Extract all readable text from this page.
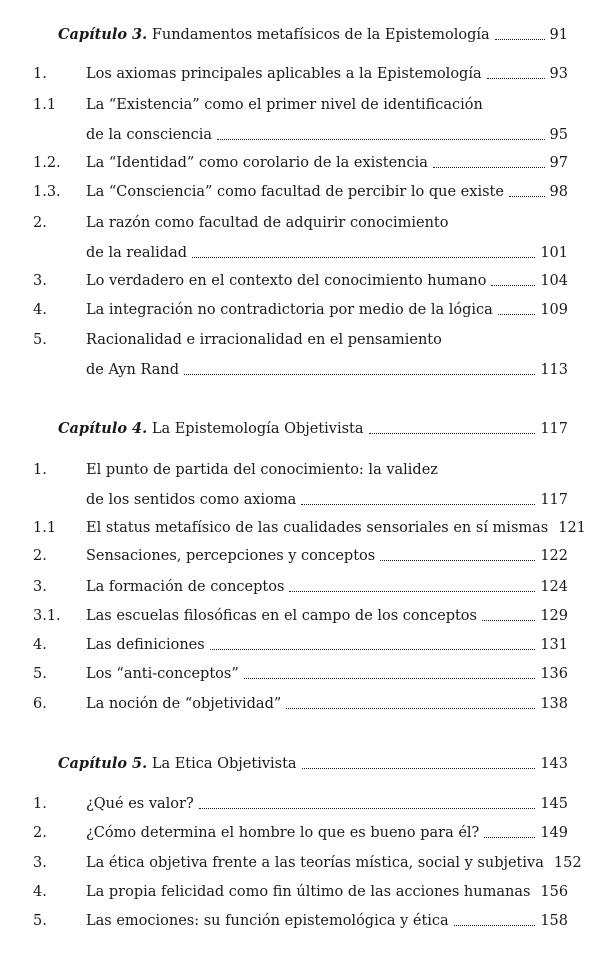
Capítulo 3. Fundamentos metafísicos de la Epistemología	91
1.	Los axiomas principales aplicables a la Epistemología	93
1.1 La “Existencia” como el primer nivel de identificación
de la consciencia	95
1.2. La “Identidad” como corolario de la existencia	97
1.3. La “Consciencia” como facultad de percibir lo que existe	98
2.	La razón como facultad de adquirir conocimiento
de la realidad	101
3.	Lo verdadero en el contexto del conocimiento humano	104
4.	La integración no contradictoria por medio de la lógica	109
5.	Racionalidad e irracionalidad en el pensamiento
de Ayn Rand	113
Capítulo 4. La Epistemología Objetivista	117
1.	El punto de partida del conocimiento: la validez
de los sentidos como axioma	117
1.1 El status metafísico de las cualidades sensoriales en sí mismas 121
2.	Sensaciones, percepciones y conceptos	122
3.	La formación de conceptos	124
3.1. Las escuelas filosóficas en el campo de los conceptos	129
4.	Las definiciones	131
5.	Los “anti-conceptos”	136
6.	La noción de “objetividad”	138
Capítulo 5. La Etica Objetivista	143
1.	¿Qué es valor?	145
2.	¿Cómo determina el hombre lo que es bueno para él?	149
3.	La ética objetiva frente a las teorías mística, social y subjetiva 152
4.	La propia felicidad como fin último de las acciones humanas 156
5.	Las emociones: su función epistemológica y ética	158
